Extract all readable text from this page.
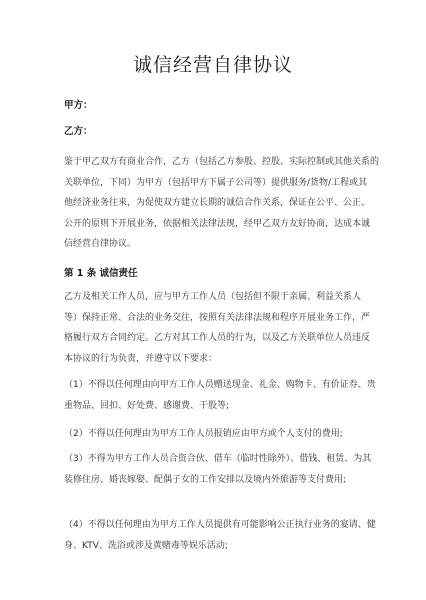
诚信经营自律协议
甲方：
乙方：
鉴于甲乙双方有商业合作，乙方（包括乙方参股、控股、实际控制或其他关系的
关联单位，下同）为甲方（包括甲方下属子公司等）提供服务/货物/工程或其
他经济业务往来，为促使双方建立长期的诚信合作关系，保证在公平、公正、
公开的原则下开展业务，依据相关法律法规，经甲乙双方友好协商，达成本诚
信经营自律协议。
第 1 条 诚信责任
乙方及相关工作人员，应与甲方工作人员（包括但不限于亲属、利益关系人
等）保持正常、合法的业务交往，按照有关法律法规和程序开展业务工作，严
格履行双方合同约定。乙方对其工作人员的行为，以及乙方关联单位人员违反
本协议的行为负责，并遵守以下要求：
（1）不得以任何理由向甲方工作人员赠送现金、礼金、购物卡、有价证券、贵
重物品、回扣、好处费、感谢费、干股等;
（2）不得以任何理由为甲方工作人员报销应由甲方或个人支付的费用;
（3）不得为甲方工作人员合资合伙、借车（临时性除外）、借钱、租赁、为其
装修住房、婚丧嫁娶、配偶子女的工作安排以及境内外旅游等支付费用;
（4）不得以任何理由为甲方工作人员提供有可能影响公正执行业务的宴请、健
身、KTV、洗浴或涉及黄赌毒等娱乐活动;
